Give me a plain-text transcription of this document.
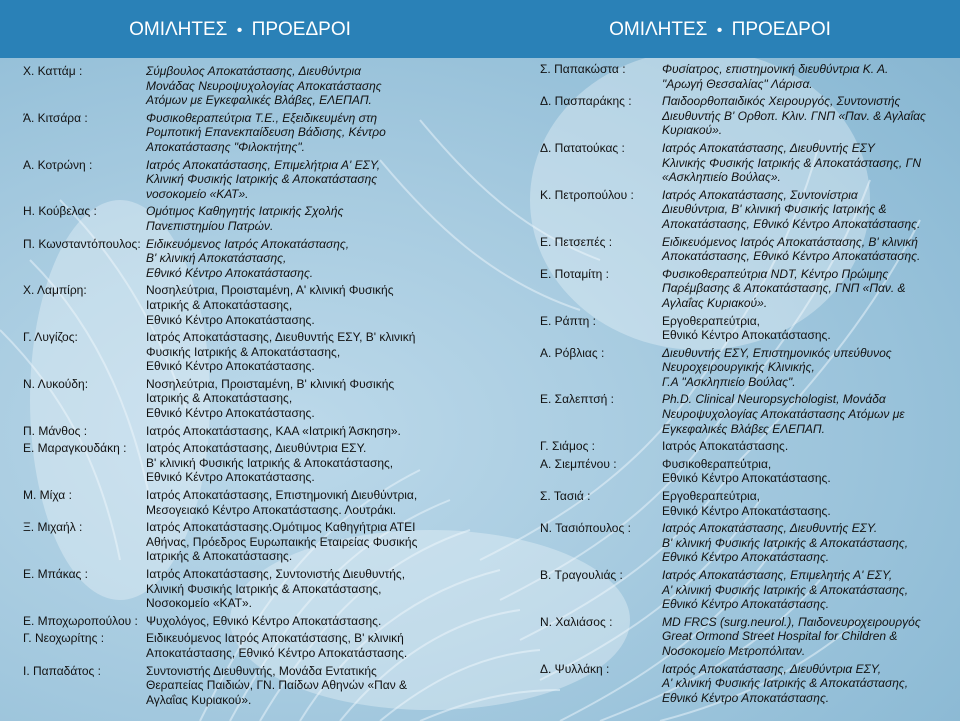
ΟΜΙΛΗΤΕΣ • ΠΡΟΕΔΡΟΙ
Χ. Καττάμ :	Σύμβουλος Αποκατάστασης, Διευθύντρια
Μονάδας Νευροψυχολογίας Αποκατάστασης
Ατόμων με Εγκεφαλικές Βλάβες, ΕΛΕΠΑΠ.
Ά. Κιτσάρα :	Φυσικοθεραπεύτρια Τ.Ε., Εξειδικευμένη στη
Ρομποτική Επανεκπαίδευση Βάδισης, Κέντρο
Αποκατάστασης "Φιλοκτήτης".
Α. Κοτρώνη :	Ιατρός Αποκατάστασης, Επιμελήτρια Α' ΕΣΥ,
Κλινική Φυσικής Ιατρικής & Αποκατάστασης
νοσοκομείο «ΚΑΤ».
Η. Κούβελας :	Ομότιμος Καθηγητής Ιατρικής Σχολής
Πανεπιστημίου Πατρών.
Π. Κωνσταντόπουλος: Ειδικευόμενος Ιατρός Αποκατάστασης,
Β' κλινική Αποκατάστασης,
Εθνικό Κέντρο Αποκατάστασης.
Χ. Λαμπίρη:	Νοσηλεύτρια, Προισταμένη, Α' κλινική Φυσικής
Ιατρικής & Αποκατάστασης,
Εθνικό Κέντρο Αποκατάστασης.
Γ. Λυγίζος:	Ιατρός Αποκατάστασης, Διευθυντής ΕΣΥ, Β' κλινική
Φυσικής Ιατρικής & Αποκατάστασης,
Εθνικό Κέντρο Αποκατάστασης.
Ν. Λυκούδη:	Νοσηλεύτρια, Προισταμένη, Β' κλινική Φυσικής
Ιατρικής & Αποκατάστασης,
Εθνικό Κέντρο Αποκατάστασης.
Π. Μάνθος :	Ιατρός Αποκατάστασης, ΚΑΑ «Ιατρική Άσκηση».
Ε. Μαραγκουδάκη :	Ιατρός Αποκατάστασης, Διευθύντρια ΕΣΥ.
Β' κλινική Φυσικής Ιατρικής & Αποκατάστασης,
Εθνικό Κέντρο Αποκατάστασης.
Μ. Μίχα :	Ιατρός Αποκατάστασης, Επιστημονική Διευθύντρια,
Μεσογειακό Κέντρο Αποκατάστασης. Λουτράκι.
Ξ. Μιχαήλ :	Ιατρός Αποκατάστασης.Ομότιμος Καθηγήτρια ΑΤΕΙ
Αθήνας, Πρόεδρος Ευρωπαικής Εταιρείας Φυσικής
Ιατρικής & Αποκατάστασης.
Ε. Μπάκας :	Ιατρός Αποκατάστασης, Συντονιστής Διευθυντής,
Κλινική Φυσικής Ιατρικής & Αποκατάστασης,
Νοσοκομείο «ΚΑΤ».
Ε. Μποχωροπούλου : Ψυχολόγος, Εθνικό Κέντρο Αποκατάστασης.
Γ. Νεοχωρίτης :	Ειδικευόμενος Ιατρός Αποκατάστασης, Β' κλινική
Αποκατάστασης, Εθνικό Κέντρο Αποκατάστασης.
Ι. Παπαδάτος :	Συντονιστής Διευθυντής, Μονάδα Εντατικής
Θεραπείας Παιδιών, ΓΝ. Παίδων Αθηνών «Παν &
Αγλαΐας Κυριακού».
ΟΜΙΛΗΤΕΣ • ΠΡΟΕΔΡΟΙ
Σ. Παπακώστα :	Φυσίατρος, επιστημονική διευθύντρια Κ. Α.
"Αρωγή Θεσσαλίας" Λάρισα.
Δ. Πασπαράκης :	Παιδοορθοπαιδικός Χειρουργός, Συντονιστής
Διευθυντής Β' Ορθοπ. Κλιν. ΓΝΠ «Παν. & Αγλαΐας
Κυριακού».
Δ. Πατατούκας :	Ιατρός Αποκατάστασης, Διευθυντής ΕΣΥ
Κλινικής Φυσικής Ιατρικής & Αποκατάστασης, ΓΝ
«Ασκληπιείο Βούλας».
Κ. Πετροπούλου :	Ιατρός Αποκατάστασης, Συντονίστρια
Διευθύντρια, Β' κλινική Φυσικής Ιατρικής &
Αποκατάστασης, Εθνικό Κέντρο Αποκατάστασης.
Ε. Πετσεπές :	Ειδικευόμενος Ιατρός Αποκατάστασης, Β' κλινική
Αποκατάστασης, Εθνικό Κέντρο Αποκατάστασης.
Ε. Ποταμίτη :	Φυσικοθεραπεύτρια NDT, Κέντρο Πρώιμης
Παρέμβασης & Αποκατάστασης, ΓΝΠ «Παν. &
Αγλαΐας Κυριακού».
Ε. Ράπτη :	Εργοθεραπεύτρια,
Εθνικό Κέντρο Αποκατάστασης.
Α. Ρόβλιας :	Διευθυντής ΕΣΥ, Επιστημονικός υπεύθυνος
Νευροχειρουργικής Κλινικής,
Γ.Α "Ασκληπιείο Βούλας".
Ε. Σαλεπτσή :	Ph.D. Clinical Neuropsychologist, Μονάδα
Νευροψυχολογίας Αποκατάστασης Ατόμων με
Εγκεφαλικές Βλάβες ΕΛΕΠΑΠ.
Γ. Σιάμος :	Ιατρός Αποκατάστασης.
Α. Σιεμπένου :	Φυσικοθεραπεύτρια,
Εθνικό Κέντρο Αποκατάστασης.
Σ. Τασιά :	Εργοθεραπεύτρια,
Εθνικό Κέντρο Αποκατάστασης.
Ν. Τασιόπουλος :	Ιατρός Αποκατάστασης, Διευθυντής ΕΣΥ.
Β' κλινική Φυσικής Ιατρικής & Αποκατάστασης,
Εθνικό Κέντρο Αποκατάστασης.
Β. Τραγουλιάς :	Ιατρός Αποκατάστασης, Επιμελητής Α' ΕΣΥ,
Α' κλινική Φυσικής Ιατρικής & Αποκατάστασης,
Εθνικό Κέντρο Αποκατάστασης.
Ν. Χαλιάσος :	MD FRCS (surg.neurol.), Παιδονευροχειρουργός
Great Ormond Street Hospital for Children &
Νοσοκομείο Μετροπόλιταν.
Δ. Ψυλλάκη :	Ιατρός Αποκατάστασης, Διευθύντρια ΕΣΥ,
Α' κλινική Φυσικής Ιατρικής & Αποκατάστασης,
Εθνικό Κέντρο Αποκατάστασης.
